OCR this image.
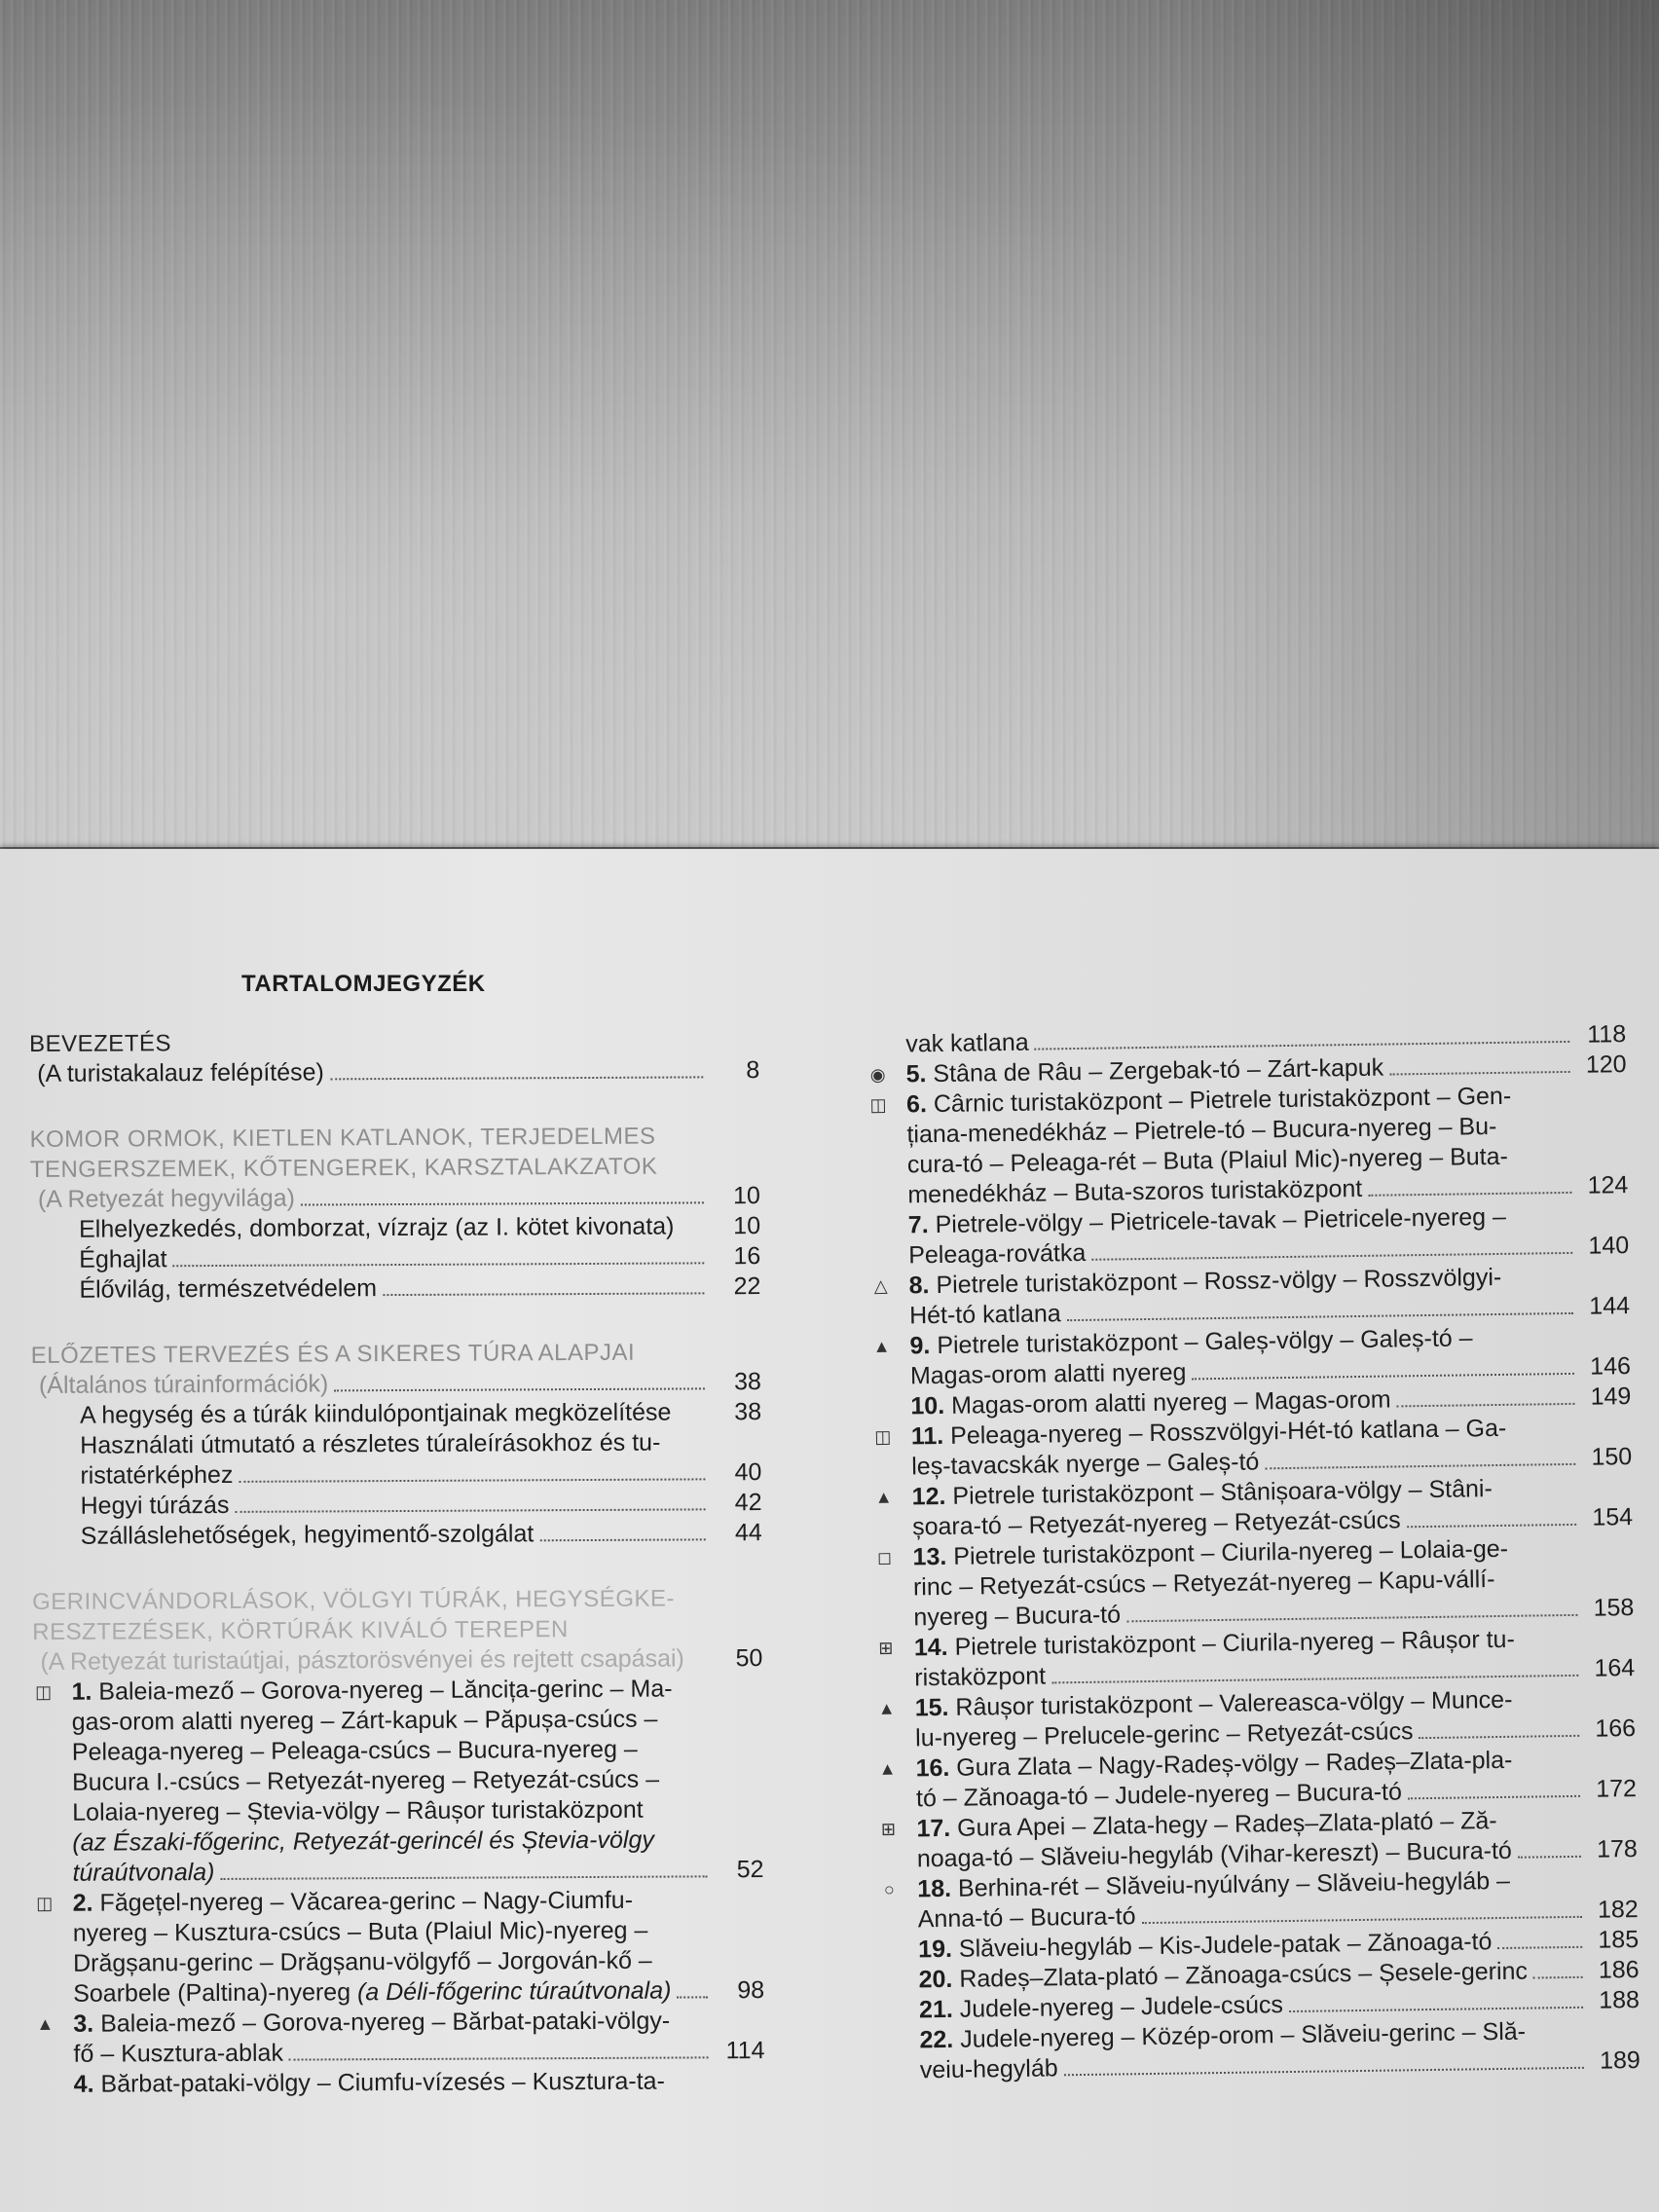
TARTALOMJEGYZÉK
BEVEZETÉS
(A turistakalauz felépítése)	8
KOMOR ORMOK, KIETLEN KATLANOK, TERJEDELMES
TENGERSZEMEK, KŐTENGEREK, KARSZTALAKZATOK
(A Retyezát hegyvilága)	10
Elhelyezkedés, domborzat, vízrajz (az I. kötet kivonata)	10
Éghajlat	16
Élővilág, természetvédelem	22
ELŐZETES TERVEZÉS ÉS A SIKERES TÚRA ALAPJAI
(Általános túrainformációk)	38
A hegység és a túrák kiindulópontjainak megközelítése	38
Használati útmutató a részletes túraleírásokhoz és tu-
ristatérképhez	40
Hegyi túrázás	42
Szálláslehetőségek, hegyimentő-szolgálat	44
GERINCVÁNDORLÁSOK, VÖLGYI TÚRÁK, HEGYSÉGKE-
RESZTEZÉSEK, KÖRTÚRÁK KIVÁLÓ TEREPEN
(A Retyezát turistaútjai, pásztorösvényei és rejtett csapásai)	50
◫ 1. Baleia-mező – Gorova-nyereg – Lăncița-gerinc – Ma-
gas-orom alatti nyereg – Zárt-kapuk – Păpușa-csúcs –
Peleaga-nyereg – Peleaga-csúcs – Bucura-nyereg –
Bucura I.-csúcs – Retyezát-nyereg – Retyezát-csúcs –
Lolaia-nyereg – Ștevia-völgy – Râușor turistaközpont
(az Északi-főgerinc, Retyezát-gerincél és Ștevia-völgy
túraútvonala)	52
◫ 2. Făgețel-nyereg – Văcarea-gerinc – Nagy-Ciumfu-
nyereg – Kusztura-csúcs – Buta (Plaiul Mic)-nyereg –
Drăgșanu-gerinc – Drăgșanu-völgyfő – Jorgován-kő –
Soarbele (Paltina)-nyereg (a Déli-főgerinc túraútvonala)	98
▲ 3. Baleia-mező – Gorova-nyereg – Bărbat-pataki-völgy-
fő – Kusztura-ablak	114
4. Bărbat-pataki-völgy – Ciumfu-vízesés – Kusztura-ta-
vak katlana	118
◉ 5. Stâna de Râu – Zergebak-tó – Zárt-kapuk	120
◫ 6. Cârnic turistaközpont – Pietrele turistaközpont – Gen-
țiana-menedékház – Pietrele-tó – Bucura-nyereg – Bu-
cura-tó – Peleaga-rét – Buta (Plaiul Mic)-nyereg – Buta-
menedékház – Buta-szoros turistaközpont	124
7. Pietrele-völgy – Pietricele-tavak – Pietricele-nyereg –
Peleaga-rovátka	140
△ 8. Pietrele turistaközpont – Rossz-völgy – Rosszvölgyi-
Hét-tó katlana	144
▲ 9. Pietrele turistaközpont – Galeș-völgy – Galeș-tó –
Magas-orom alatti nyereg	146
10. Magas-orom alatti nyereg – Magas-orom	149
◫ 11. Peleaga-nyereg – Rosszvölgyi-Hét-tó katlana – Ga-
leș-tavacskák nyerge – Galeș-tó	150
▲ 12. Pietrele turistaközpont – Stânișoara-völgy – Stâni-
șoara-tó – Retyezát-nyereg – Retyezát-csúcs	154
◻ 13. Pietrele turistaközpont – Ciurila-nyereg – Lolaia-ge-
rinc – Retyezát-csúcs – Retyezát-nyereg – Kapu-vállí-
nyereg – Bucura-tó	158
⊞ 14. Pietrele turistaközpont – Ciurila-nyereg – Râușor tu-
ristaközpont	164
▲ 15. Râușor turistaközpont – Valereasca-völgy – Munce-
lu-nyereg – Prelucele-gerinc – Retyezát-csúcs	166
▲ 16. Gura Zlata – Nagy-Radeș-völgy – Radeș–Zlata-pla-
tó – Zănoaga-tó – Judele-nyereg – Bucura-tó	172
⊞ 17. Gura Apei – Zlata-hegy – Radeș–Zlata-plató – Ză-
noaga-tó – Slăveiu-hegyláb (Vihar-kereszt) – Bucura-tó	178
○ 18. Berhina-rét – Slăveiu-nyúlvány – Slăveiu-hegyláb –
Anna-tó – Bucura-tó	182
19. Slăveiu-hegyláb – Kis-Judele-patak – Zănoaga-tó	185
20. Radeș–Zlata-plató – Zănoaga-csúcs – Șesele-gerinc	186
21. Judele-nyereg – Judele-csúcs	188
22. Judele-nyereg – Közép-orom – Slăveiu-gerinc – Slă-
veiu-hegyláb	189
